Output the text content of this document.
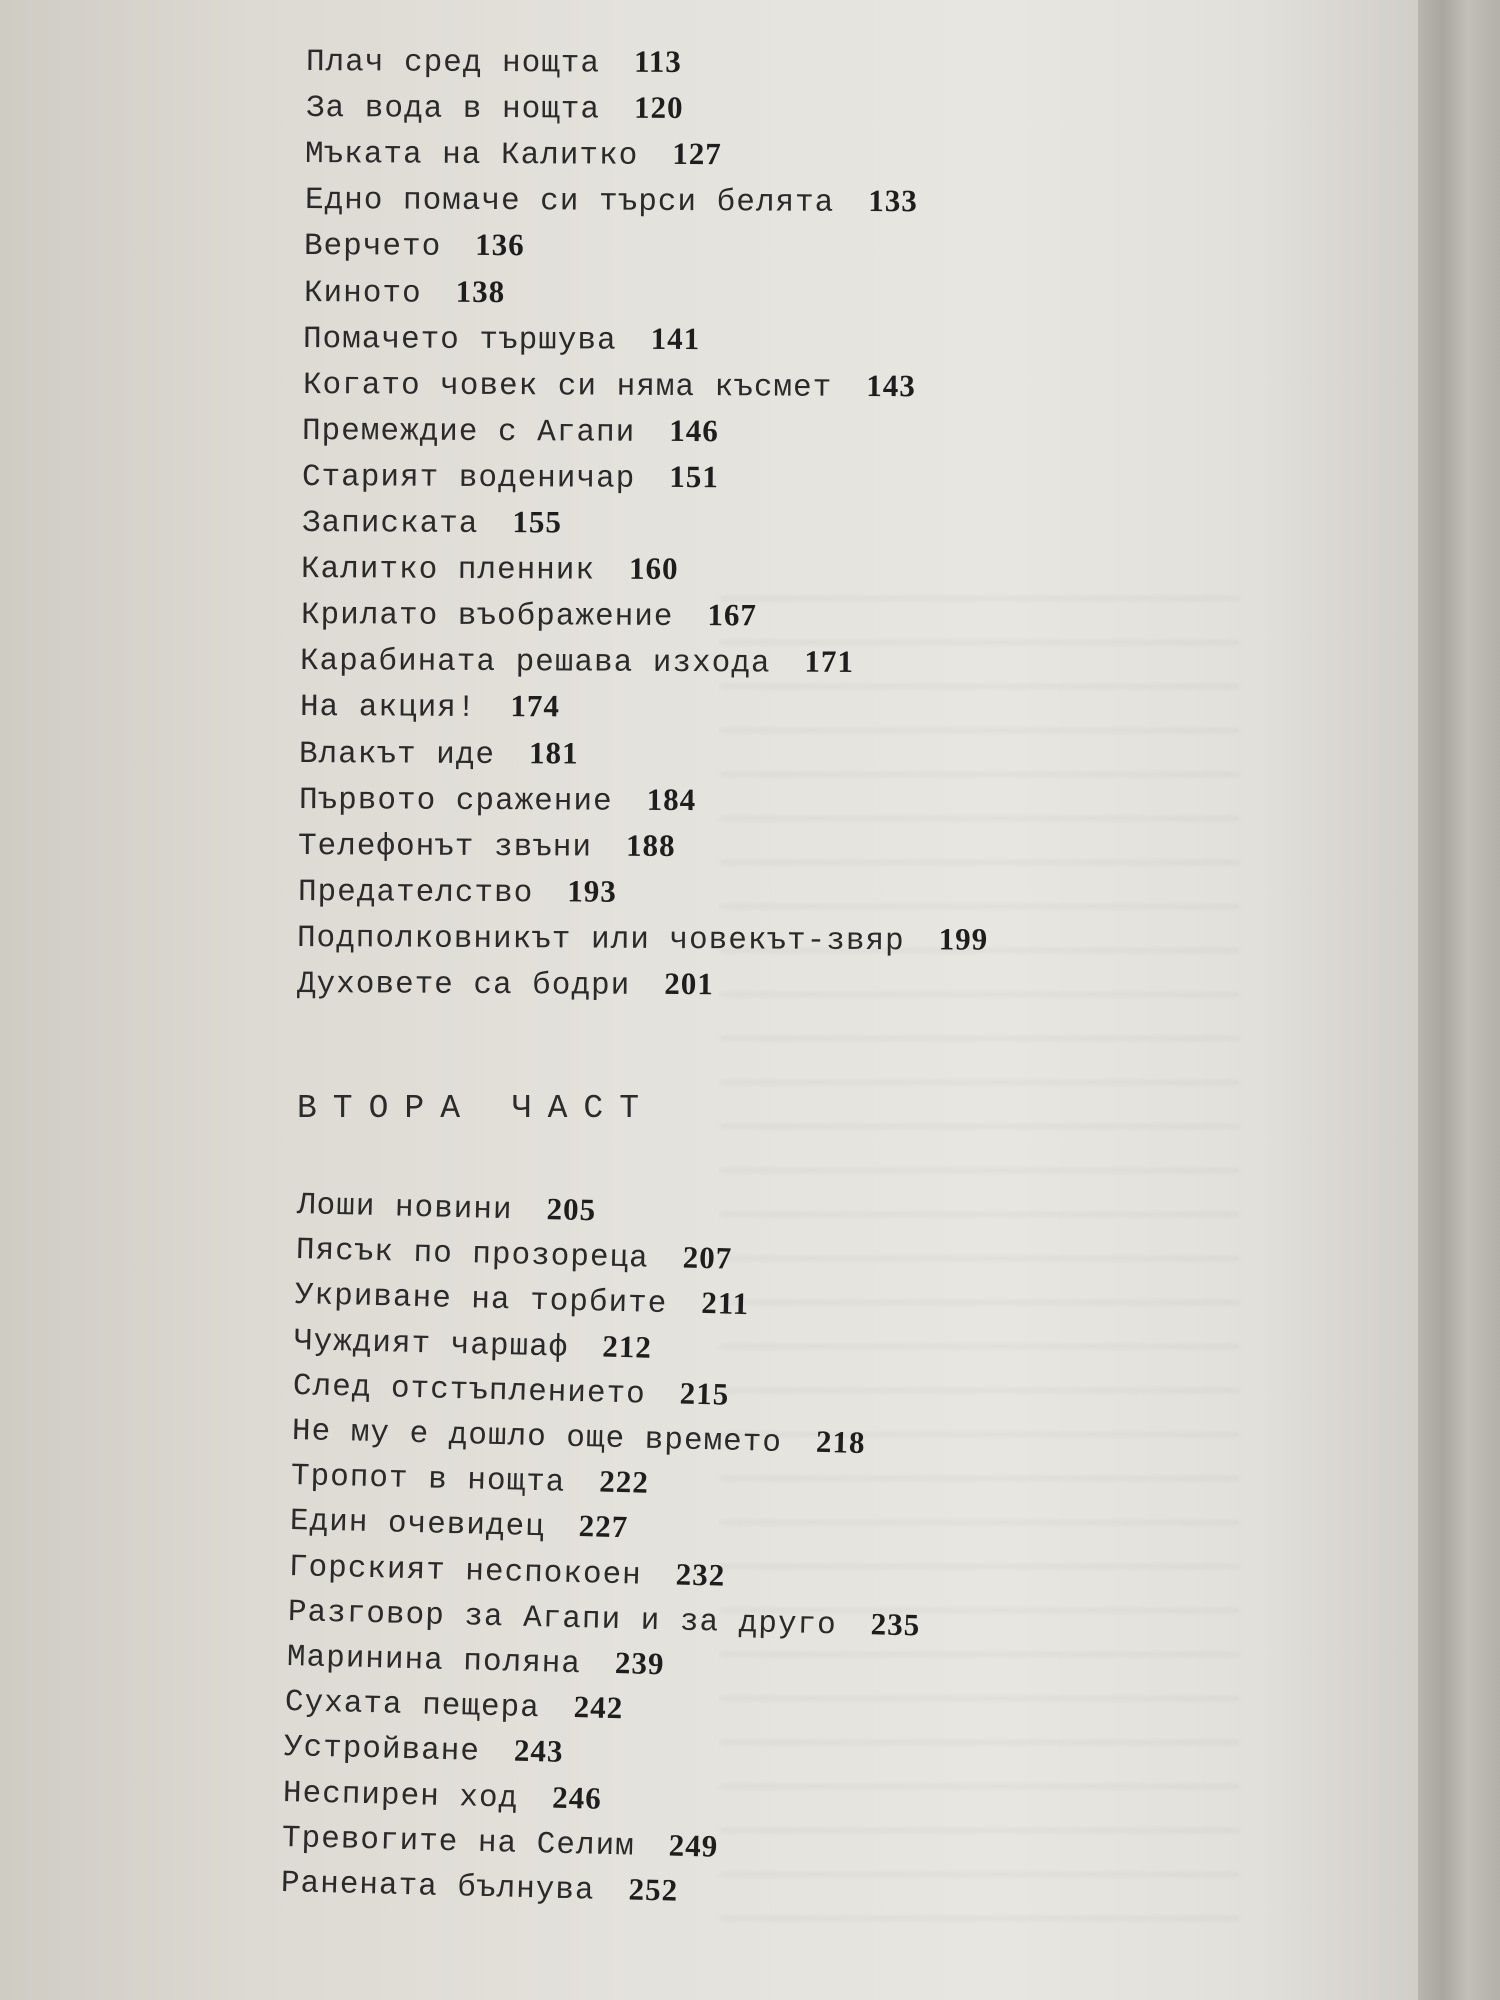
Плач сред нощта 113
За вода в нощта 120
Мъката на Калитко 127
Едно помаче си търси белята 133
Верчето 136
Киното 138
Помачето тършува 141
Когато човек си няма късмет 143
Премеждие с Агапи 146
Старият воденичар 151
Записката 155
Калитко пленник 160
Крилато въображение 167
Карабината решава изхода 171
На акция! 174
Влакът иде 181
Първото сражение 184
Телефонът звъни 188
Предателство 193
Подполковникът или човекът-звяр 199
Духовете са бодри 201
ВТОРА ЧАСТ
Лоши новини 205
Пясък по прозореца 207
Укриване на торбите 211
Чуждият чаршаф 212
След отстъплението 215
Не му е дошло още времето 218
Тропот в нощта 222
Един очевидец 227
Горският неспокоен 232
Разговор за Агапи и за друго 235
Маринина поляна 239
Сухата пещера 242
Устройване 243
Неспирен ход 246
Тревогите на Селим 249
Ранената бълнува 252
